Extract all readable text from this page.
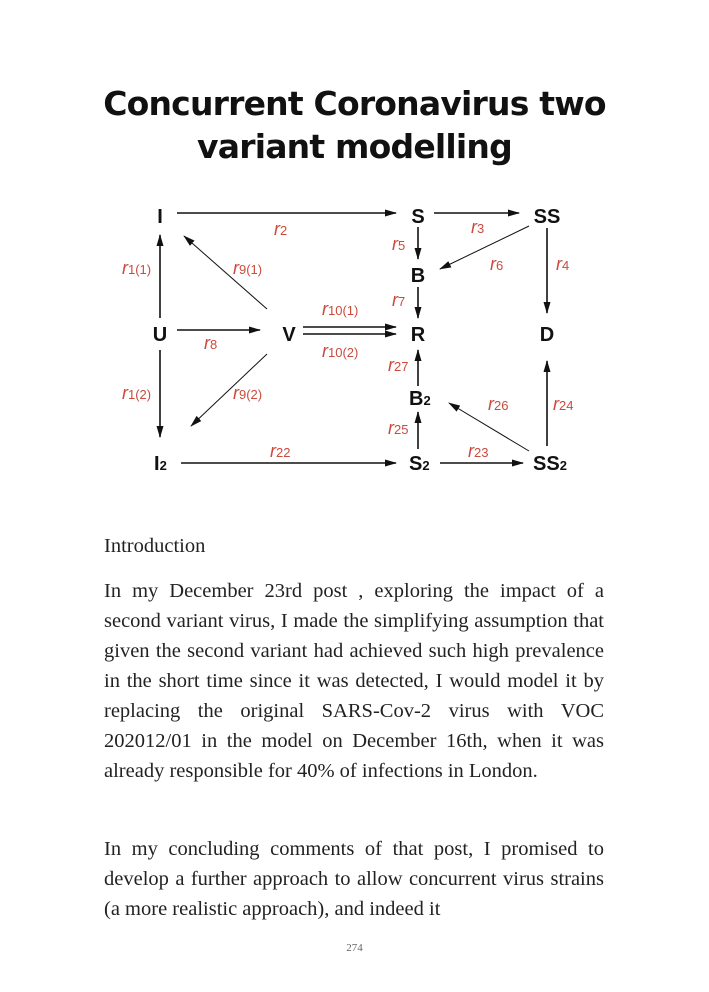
Concurrent Coronavirus two
variant modelling
I	S	SS
B
U	V	R	D
B2
I2	S2	SS2
r2	r3
r4
r5
r6
r7
r8
r1(1)
r1(2)
r9(1)
r9(2)
r10(1)
r10(2)
r22	r23
r24
r25
r26
r27

Introduction

In my December 23rd post , exploring the impact of a second variant virus, I made the simplifying assumption that given the second variant had achieved such high prevalence in the short time since it was detected, I would model it by replacing the original SARS-Cov-2 virus with VOC 202012/01 in the model on December 16th, when it was already responsible for 40% of infections in London.

In my concluding comments of that post, I promised to develop a further approach to allow concurrent virus strains (a more realistic approach), and indeed it

274
